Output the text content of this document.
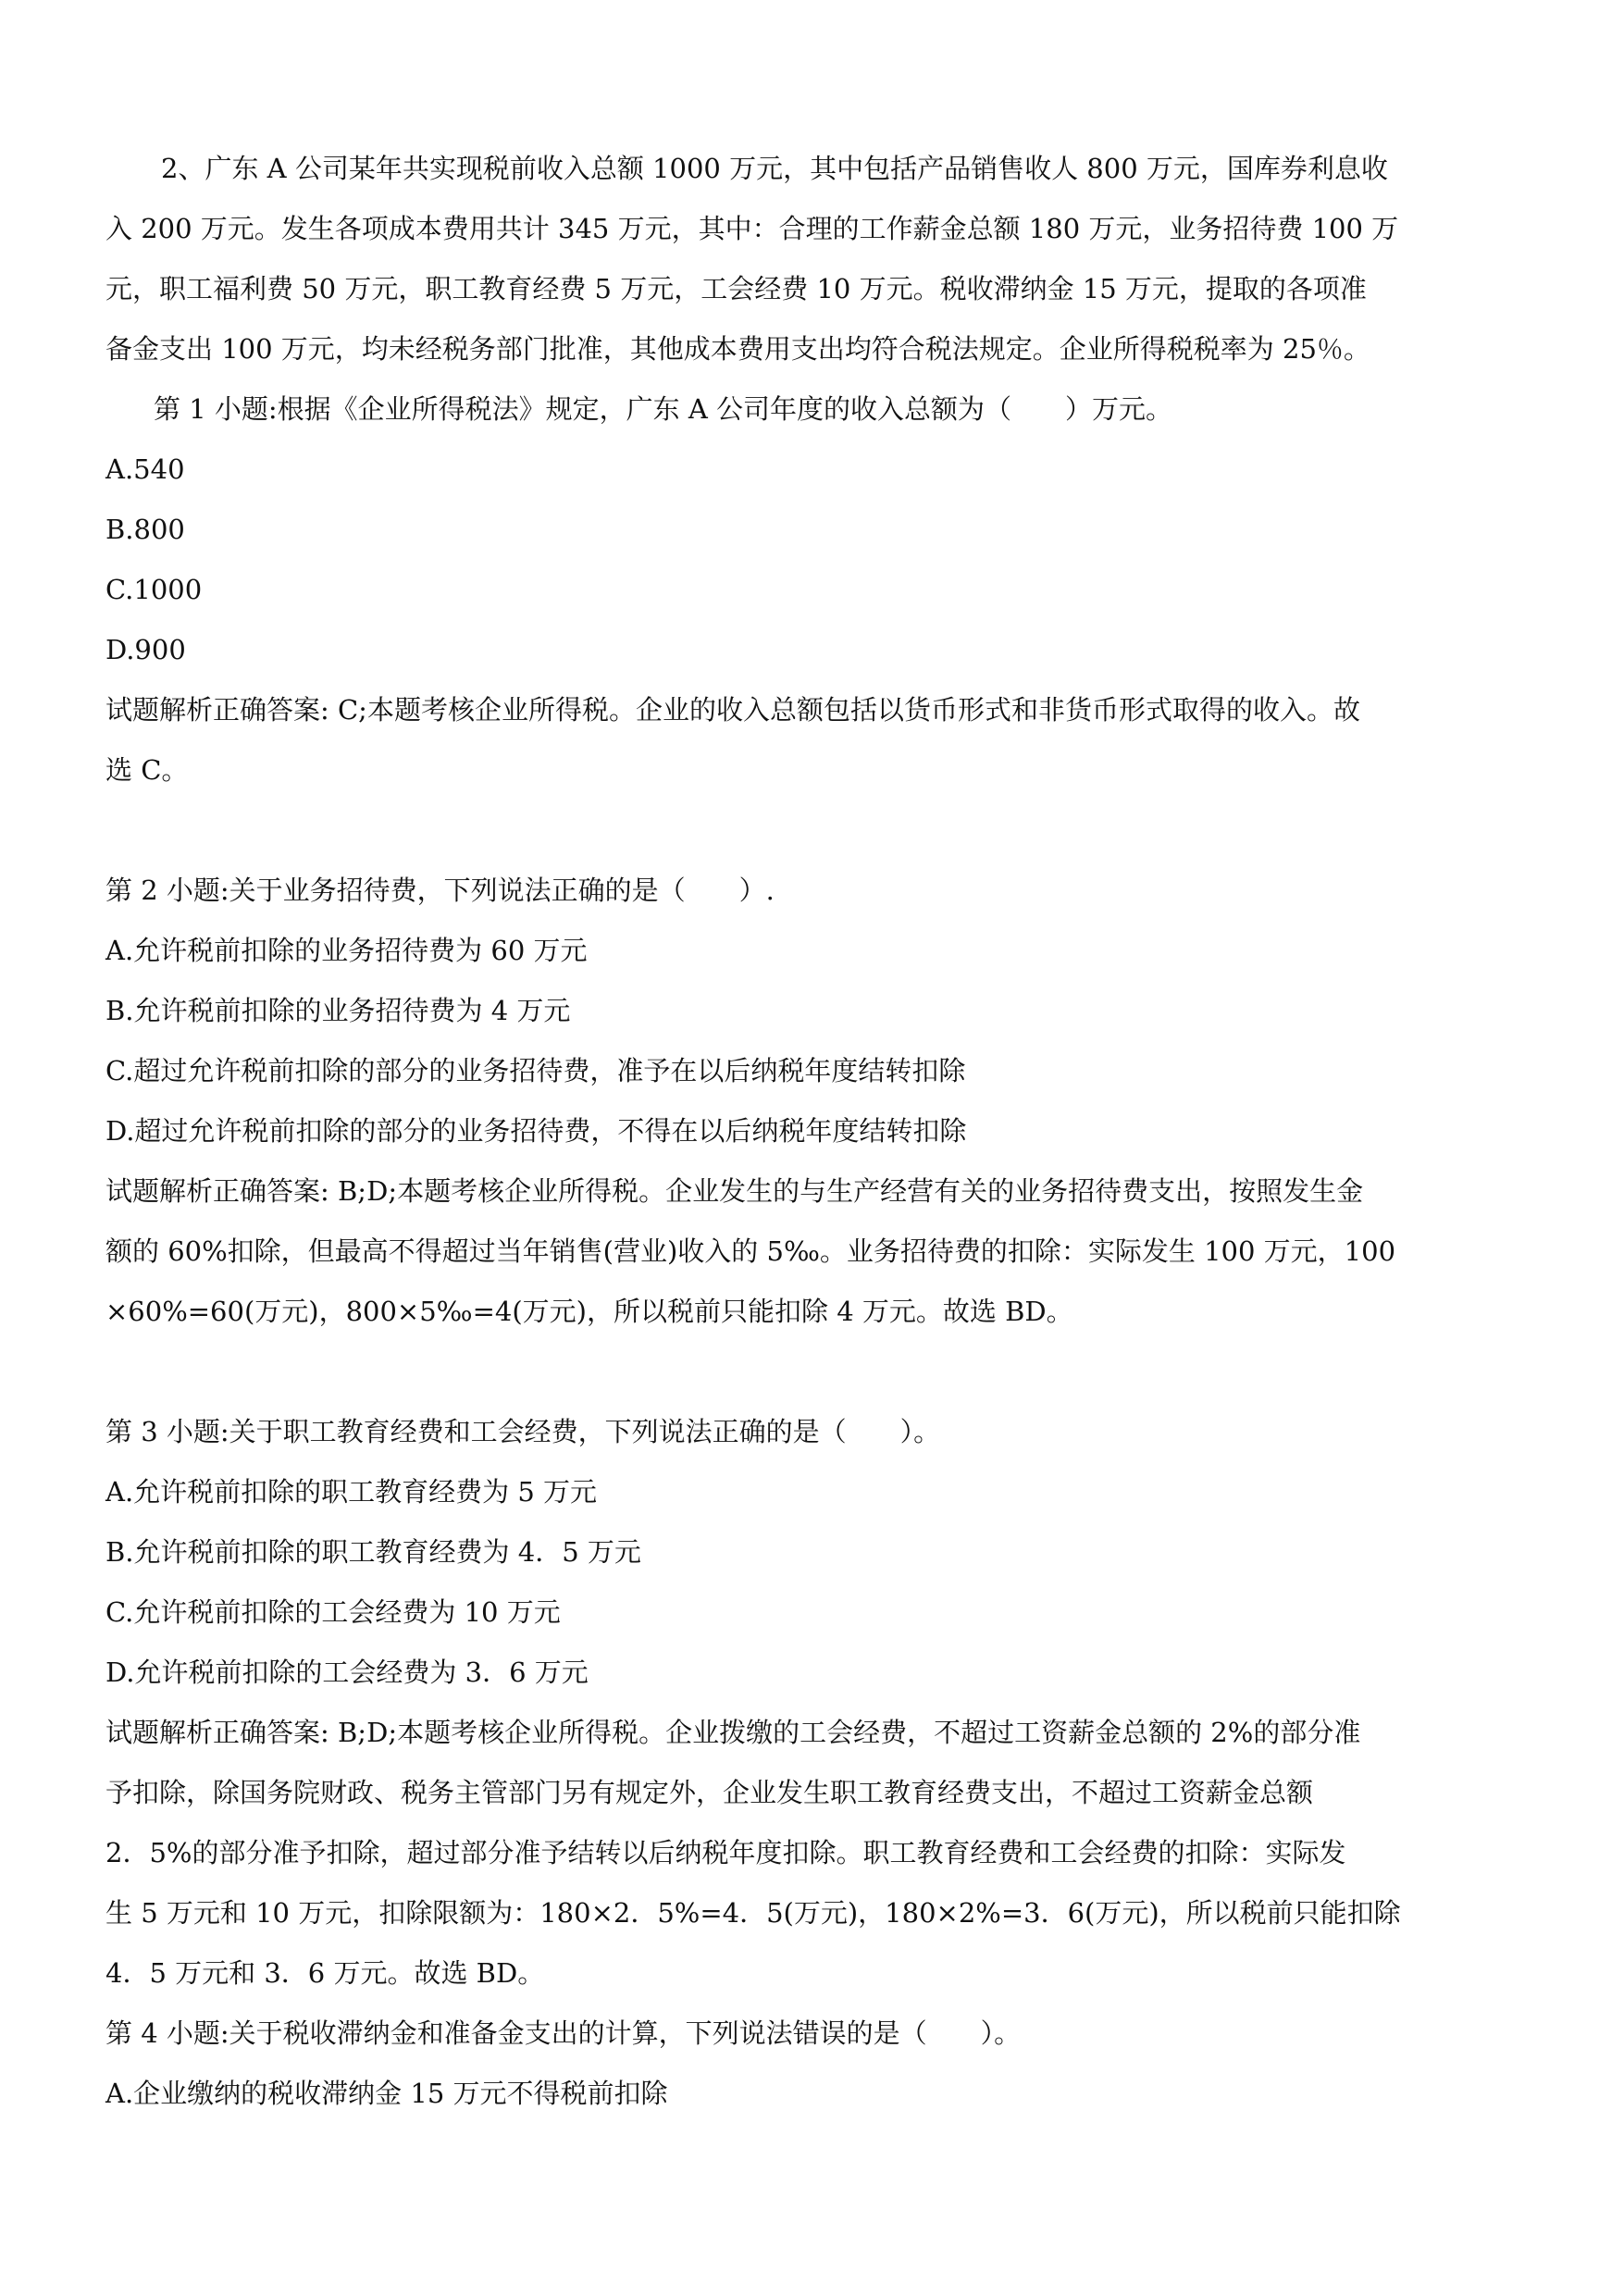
2、广东 A 公司某年共实现税前收入总额 1000 万元，其中包括产品销售收人 800 万元，国库券利息收
入 200 万元。发生各项成本费用共计 345 万元，其中：合理的工作薪金总额 180 万元，业务招待费 100 万
元，职工福利费 50 万元，职工教育经费 5 万元，工会经费 10 万元。税收滞纳金 15 万元，提取的各项准
备金支出 100 万元，均未经税务部门批准，其他成本费用支出均符合税法规定。企业所得税税率为 25％。
第 1 小题:根据《企业所得税法》规定，广东 A 公司年度的收入总额为（　　）万元。
A.540
B.800
C.1000
D.900
试题解析正确答案: C;本题考核企业所得税。企业的收入总额包括以货币形式和非货币形式取得的收入。故
选 C。
第 2 小题:关于业务招待费，下列说法正确的是（　　）.
A.允许税前扣除的业务招待费为 60 万元
B.允许税前扣除的业务招待费为 4 万元
C.超过允许税前扣除的部分的业务招待费，准予在以后纳税年度结转扣除
D.超过允许税前扣除的部分的业务招待费，不得在以后纳税年度结转扣除
试题解析正确答案: B;D;本题考核企业所得税。企业发生的与生产经营有关的业务招待费支出，按照发生金
额的 60%扣除，但最高不得超过当年销售(营业)收入的 5‰。业务招待费的扣除：实际发生 100 万元，100
×60%=60(万元)，800×5‰=4(万元)，所以税前只能扣除 4 万元。故选 BD。
第 3 小题:关于职工教育经费和工会经费，下列说法正确的是（　　）。
A.允许税前扣除的职工教育经费为 5 万元
B.允许税前扣除的职工教育经费为 4．5 万元
C.允许税前扣除的工会经费为 10 万元
D.允许税前扣除的工会经费为 3．6 万元
试题解析正确答案: B;D;本题考核企业所得税。企业拨缴的工会经费，不超过工资薪金总额的 2%的部分准
予扣除，除国务院财政、税务主管部门另有规定外，企业发生职工教育经费支出，不超过工资薪金总额
2．5%的部分准予扣除，超过部分准予结转以后纳税年度扣除。职工教育经费和工会经费的扣除：实际发
生 5 万元和 10 万元，扣除限额为：180×2．5%=4．5(万元)，180×2%=3．6(万元)，所以税前只能扣除
4．5 万元和 3．6 万元。故选 BD。
第 4 小题:关于税收滞纳金和准备金支出的计算，下列说法错误的是（　　）。
A.企业缴纳的税收滞纳金 15 万元不得税前扣除
